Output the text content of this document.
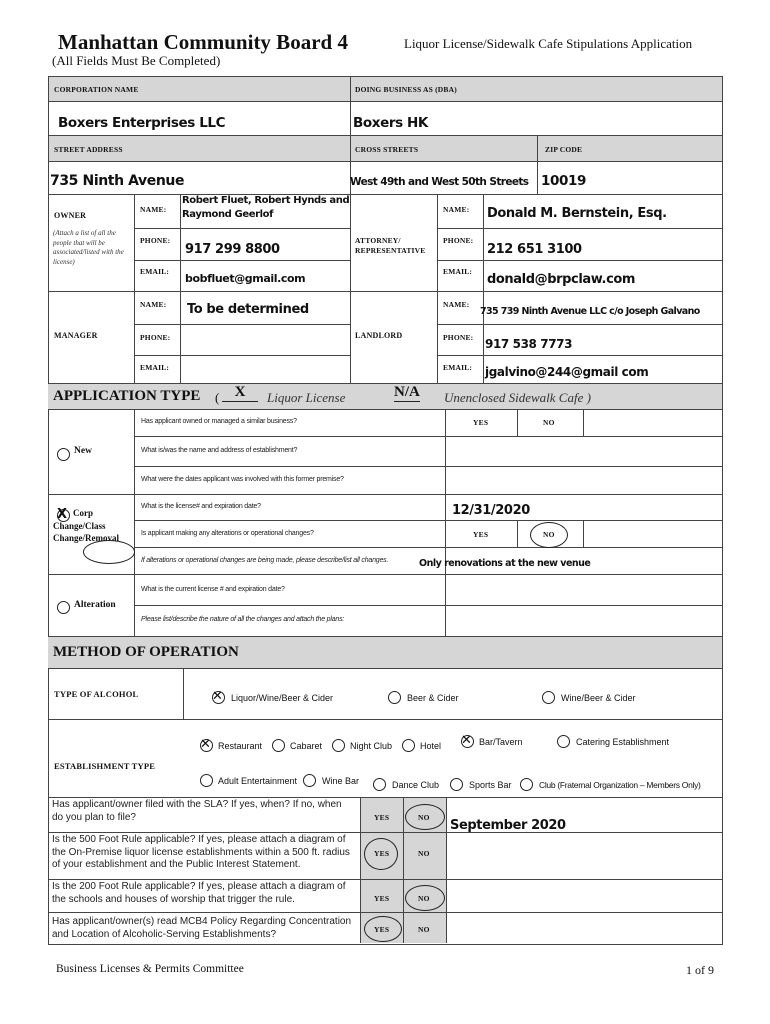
Manhattan Community Board 4
(All Fields Must Be Completed)
Liquor License/Sidewalk Cafe Stipulations Application
CORPORATION NAME	DOING BUSINESS AS (DBA)
Boxers Enterprises LLC	Boxers HK
STREET ADDRESS	CROSS STREETS	ZIP CODE
735 Ninth Avenue	West 49th and West 50th Streets 10019
OWNER
(Attach a list of all the people that will be associated/listed with the license)
NAME:
Robert Fluet, Robert Hynds and Raymond Geerlof
PHONE:
917 299 8800
EMAIL:
bobfluet@gmail.com
ATTORNEY/ REPRESENTATIVE
NAME: Donald M. Bernstein, Esq.
PHONE:
212 651 3100
EMAIL:
donald@brpclaw.com
MANAGER
NAME: To be determined
PHONE:
EMAIL:
LANDLORD
NAME:
735 739 Ninth Avenue LLC c/o Joseph Galvano
PHONE: 917 538 7773
EMAIL: jgalvino@244@gmail com
APPLICATION TYPE (	X	Liquor License	N/A Unenclosed Sidewalk Cafe )
New
Has applicant owned or managed a similar business?	YES	NO
What is/was the name and address of establishment?
What were the dates applicant was involved with this former premise?
X Corp Change/Class Change/Removal
What is the license# and expiration date?	12/31/2020
Is applicant making any alterations or operational changes?	YES	NO
If alterations or operational changes are being made, please describe/list all changes.	Only renovations at the new venue
Alteration
What is the current license # and expiration date?
Please list/describe the nature of all the changes and attach the plans:
METHOD OF OPERATION
TYPE OF ALCOHOL	✕ Liquor/Wine/Beer & Cider	Beer & Cider	Wine/Beer & Cider
ESTABLISHMENT TYPE
✕ Restaurant	Cabaret	Night Club	Hotel ✕ Bar/Tavern	Catering Establishment
Adult Entertainment	Wine Bar	Dance Club	Sports Bar	Club (Fraternal Organization – Members Only)
Has applicant/owner filed with the SLA? If yes, when? If no, when do you plan to file?	YES	NO
September 2020
Is the 500 Foot Rule applicable? If yes, please attach a diagram of the On-Premise liquor license establishments within a 500 ft. radius of your establishment and the Public Interest Statement.
YES	NO
Is the 200 Foot Rule applicable? If yes, please attach a diagram of the schools and houses of worship that trigger the rule.	YES	NO
Has applicant/owner(s) read MCB4 Policy Regarding Concentration and Location of Alcoholic-Serving Establishments?	YES	NO
Business Licenses & Permits Committee	1 of 9
